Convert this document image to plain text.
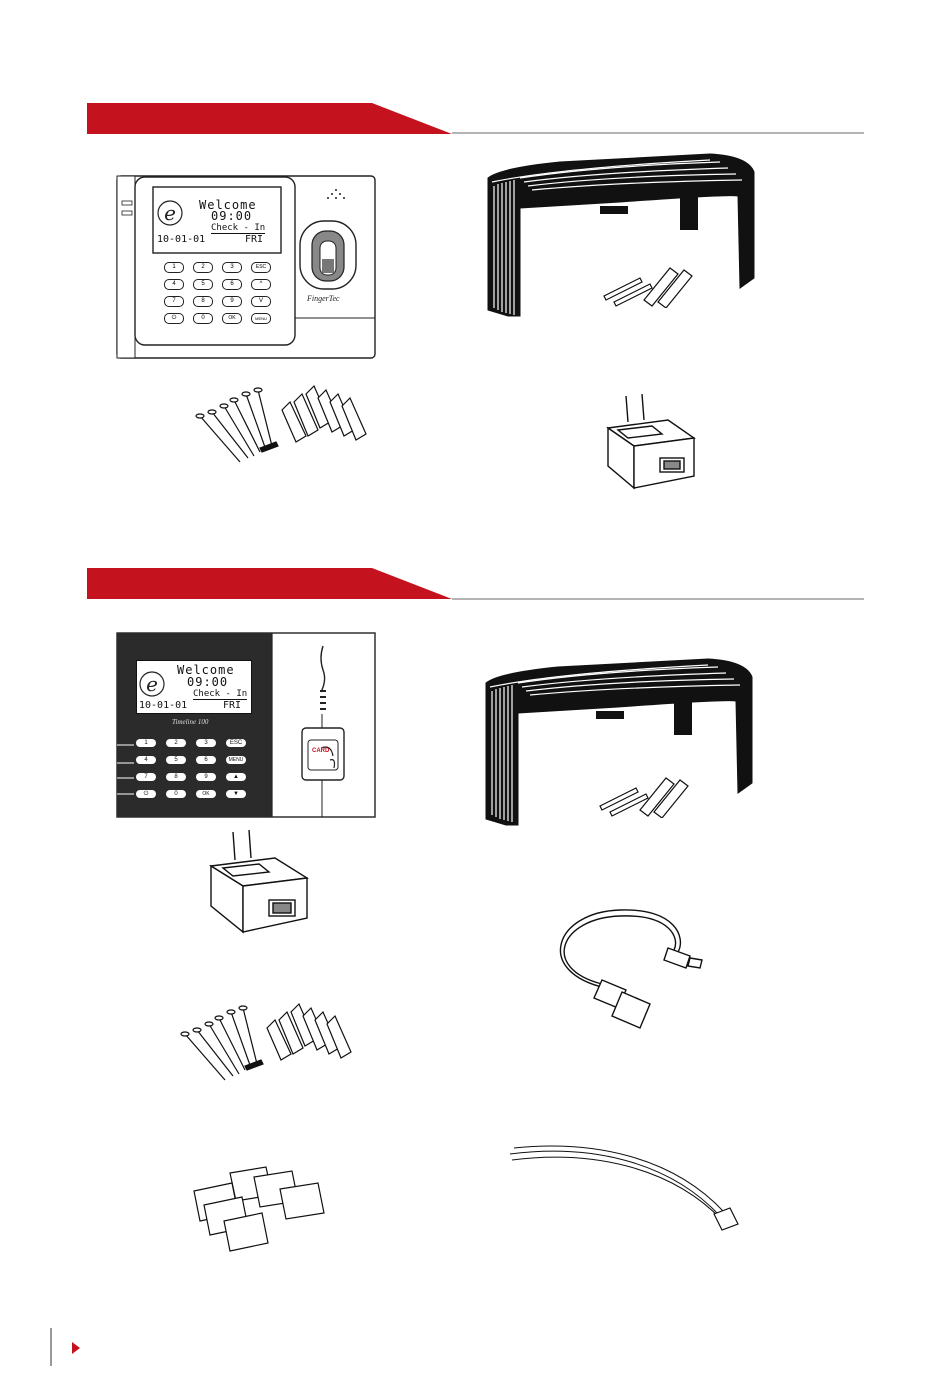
e Welcome
09:00
Check - In
10-01-01	FRI
1	2	3	ESC
4	5	6	^
7	8	9	V
⏻	0	OK	MENU
FingerTec
e
Welcome
09:00
Check - In
10-01-01	FRI
Timeline 100
1	2	3	ESC
4	5	6	MENU
7	8	9	▲
⏻	0	OK	▼
CARD
